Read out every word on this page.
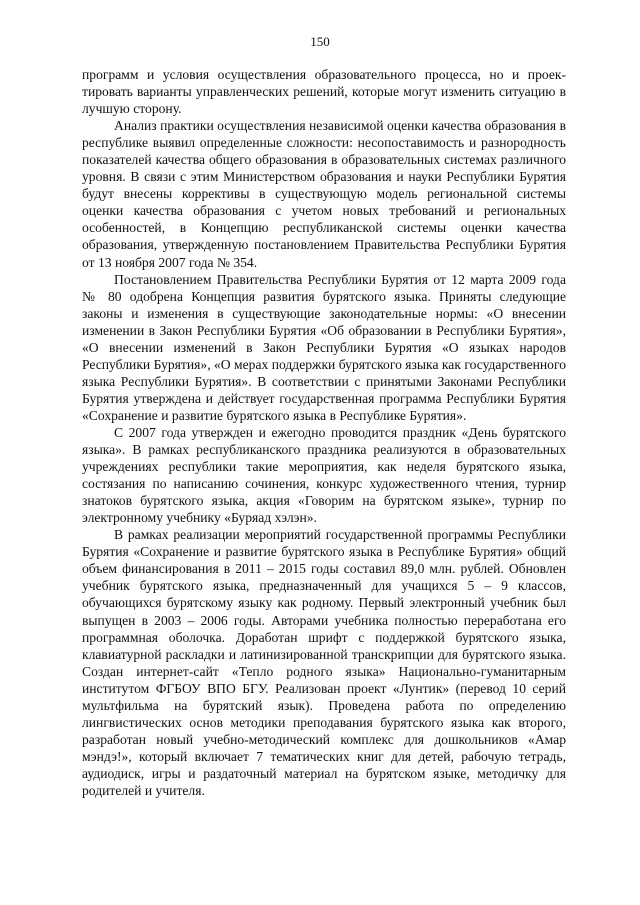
150

программ и условия осуществления образовательного процесса, но и проектировать варианты управленческих решений, которые могут изменить ситуацию в лучшую сторону.

Анализ практики осуществления независимой оценки качества образования в республике выявил определенные сложности: несопоставимость и разнородность показателей качества общего образования в образовательных системах различного уровня. В связи с этим Министерством образования и науки Республики Бурятия будут внесены коррективы в существующую модель региональной системы оценки качества образования с учетом новых требований и региональных особенностей, в Концепцию республиканской системы оценки качества образования, утвержденную постановлением Правительства Республики Бурятия от 13 ноября 2007 года № 354.

Постановлением Правительства Республики Бурятия от 12 марта 2009 года № 80 одобрена Концепция развития бурятского языка. Приняты следующие законы и изменения в существующие законодательные нормы: «О внесении изменении в Закон Республики Бурятия «Об образовании в Республики Бурятия», «О внесении изменений в Закон Республики Бурятия «О языках народов Республики Бурятия», «О мерах поддержки бурятского языка как государственного языка Республики Бурятия». В соответствии с принятыми Законами Республики Бурятия утверждена и действует государственная программа Республики Бурятия «Сохранение и развитие бурятского языка в Республике Бурятия».

С 2007 года утвержден и ежегодно проводится праздник «День бурятского языка». В рамках республиканского праздника реализуются в образовательных учреждениях республики такие мероприятия, как неделя бурятского языка, состязания по написанию сочинения, конкурс художественного чтения, турнир знатоков бурятского языка, акция «Говорим на бурятском языке», турнир по электронному учебнику «Буряад хэлэн».

В рамках реализации мероприятий государственной программы Республики Бурятия «Сохранение и развитие бурятского языка в Республике Бурятия» общий объем финансирования в 2011 – 2015 годы составил 89,0 млн. рублей. Обновлен учебник бурятского языка, предназначенный для учащихся 5 – 9 классов, обучающихся бурятскому языку как родному. Первый электронный учебник был выпущен в 2003 – 2006 годы. Авторами учебника полностью переработана его программная оболочка. Доработан шрифт с поддержкой бурятского языка, клавиатурной раскладки и латинизированной транскрипции для бурятского языка. Создан интернет-сайт «Тепло родного языка» Национально-гуманитарным институтом ФГБОУ ВПО БГУ. Реализован проект «Лунтик» (перевод 10 серий мультфильма на бурятский язык). Проведена работа по определению лингвистических основ методики преподавания бурятского языка как второго, разработан новый учебно-методический комплекс для дошкольников «Амар мэндэ!», который включает 7 тематических книг для детей, рабочую тетрадь, аудиодиск, игры и раздаточный материал на бурятском языке, методичку для родителей и учителя.
